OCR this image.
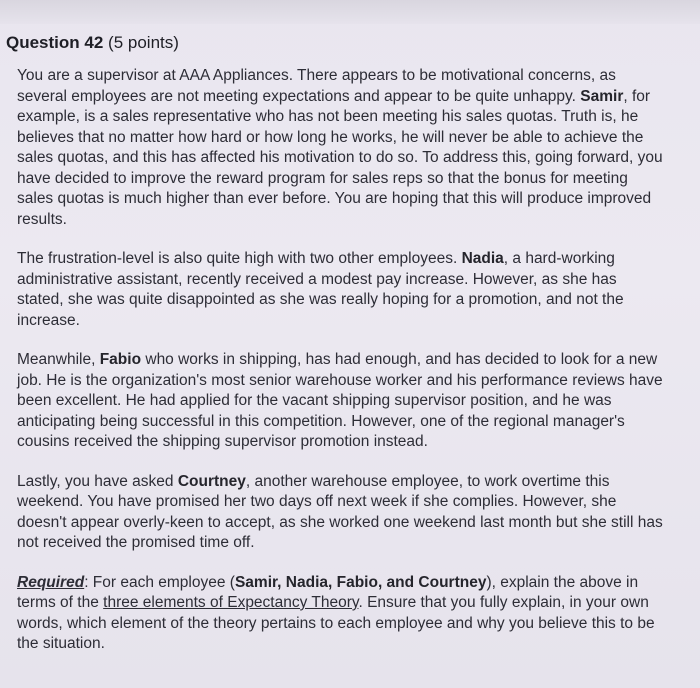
Question 42 (5 points)

You are a supervisor at AAA Appliances. There appears to be motivational concerns, as several employees are not meeting expectations and appear to be quite unhappy. Samir, for example, is a sales representative who has not been meeting his sales quotas. Truth is, he believes that no matter how hard or how long he works, he will never be able to achieve the sales quotas, and this has affected his motivation to do so. To address this, going forward, you have decided to improve the reward program for sales reps so that the bonus for meeting sales quotas is much higher than ever before. You are hoping that this will produce improved results.

The frustration-level is also quite high with two other employees. Nadia, a hard-working administrative assistant, recently received a modest pay increase. However, as she has stated, she was quite disappointed as she was really hoping for a promotion, and not the increase.

Meanwhile, Fabio who works in shipping, has had enough, and has decided to look for a new job. He is the organization's most senior warehouse worker and his performance reviews have been excellent. He had applied for the vacant shipping supervisor position, and he was anticipating being successful in this competition. However, one of the regional manager's cousins received the shipping supervisor promotion instead.

Lastly, you have asked Courtney, another warehouse employee, to work overtime this weekend. You have promised her two days off next week if she complies. However, she doesn't appear overly-keen to accept, as she worked one weekend last month but she still has not received the promised time off.

Required: For each employee (Samir, Nadia, Fabio, and Courtney), explain the above in terms of the three elements of Expectancy Theory. Ensure that you fully explain, in your own words, which element of the theory pertains to each employee and why you believe this to be the situation.
